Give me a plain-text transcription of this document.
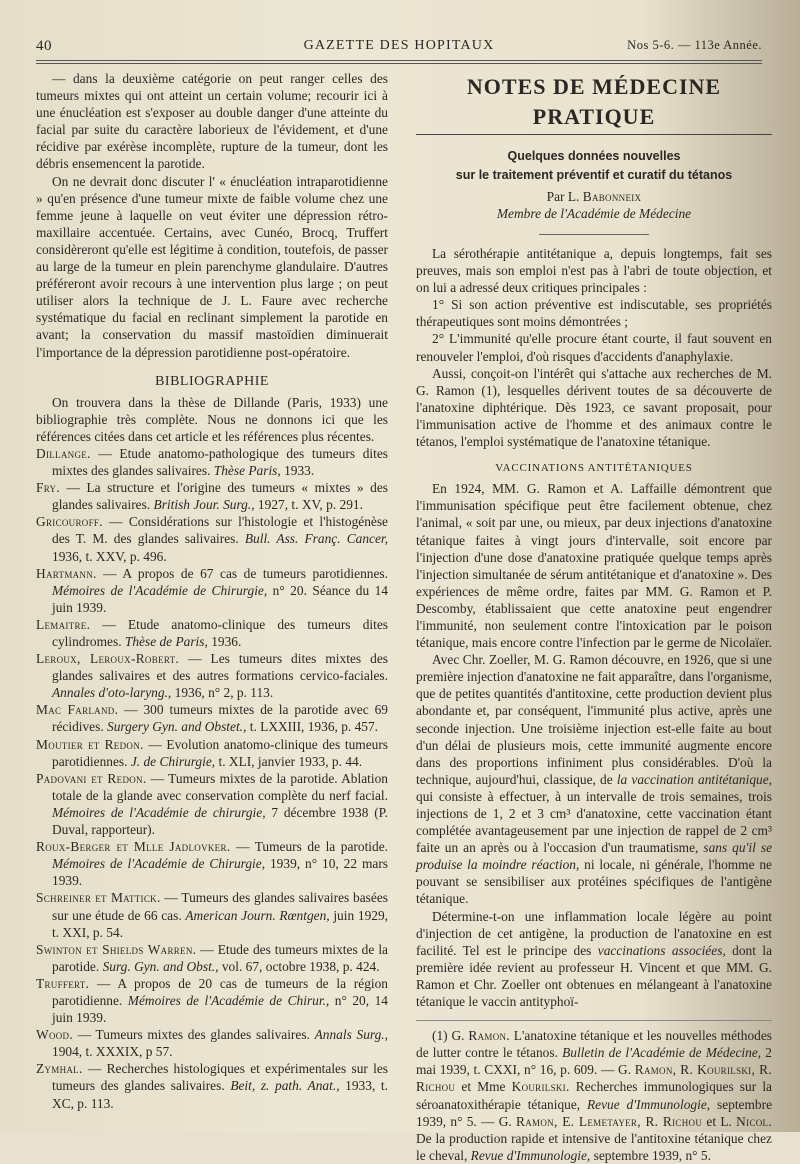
40	GAZETTE DES HOPITAUX	Nos 5-6. — 113e Année.

— dans la deuxième catégorie on peut ranger celles des tumeurs mixtes qui ont atteint un certain volume; recourir ici à une énucléation est s'exposer au double danger d'une atteinte du facial par suite du caractère laborieux de l'évidement, et d'une récidive par exérèse incomplète, rupture de la tumeur, dont les débris ensemencent la parotide.

On ne devrait donc discuter l' « énucléation intraparotidienne » qu'en présence d'une tumeur mixte de faible volume chez une femme jeune à laquelle on veut éviter une dépression rétro-maxillaire accentuée. Certains, avec Cunéo, Brocq, Truffert considèreront qu'elle est légitime à condition, toutefois, de passer au large de la tumeur en plein parenchyme glandulaire. D'autres préféreront avoir recours à une intervention plus large ; on peut utiliser alors la technique de J. L. Faure avec recherche systématique du facial en reclinant simplement la parotide en avant; la conservation du massif mastoïdien diminuerait l'importance de la dépression parotidienne post-opératoire.

BIBLIOGRAPHIE

On trouvera dans la thèse de Dillande (Paris, 1933) une bibliographie très complète. Nous ne donnons ici que les références citées dans cet article et les références plus récentes.

Dillange. — Etude anatomo-pathologique des tumeurs dites mixtes des glandes salivaires. Thèse Paris, 1933.

Fry. — La structure et l'origine des tumeurs « mixtes » des glandes salivaires. British Jour. Surg., 1927, t. XV, p. 291.

Gricouroff. — Considérations sur l'histologie et l'histogénèse des T. M. des glandes salivaires. Bull. Ass. Franç. Cancer, 1936, t. XXV, p. 496.

Hartmann. — A propos de 67 cas de tumeurs parotidiennes. Mémoires de l'Académie de Chirurgie, n° 20. Séance du 14 juin 1939.

Lemaitre. — Etude anatomo-clinique des tumeurs dites cylindromes. Thèse de Paris, 1936.

Leroux, Leroux-Robert. — Les tumeurs dites mixtes des glandes salivaires et des autres formations cervico-faciales. Annales d'oto-laryng., 1936, n° 2, p. 113.

Mac Farland. — 300 tumeurs mixtes de la parotide avec 69 récidives. Surgery Gyn. and Obstet., t. LXXIII, 1936, p. 457.

Moutier et Redon. — Evolution anatomo-clinique des tumeurs parotidiennes. J. de Chirurgie, t. XLI, janvier 1933, p. 44.

Padovani et Redon. — Tumeurs mixtes de la parotide. Ablation totale de la glande avec conservation complète du nerf facial. Mémoires de l'Académie de chirurgie, 7 décembre 1938 (P. Duval, rapporteur).

Roux-Berger et Mlle Jadlovker. — Tumeurs de la parotide. Mémoires de l'Académie de Chirurgie, 1939, n° 10, 22 mars 1939.

Schreiner et Mattick. — Tumeurs des glandes salivaires basées sur une étude de 66 cas. American Journ. Rœntgen, juin 1929, t. XXI, p. 54.

Swinton et Shields Warren. — Etude des tumeurs mixtes de la parotide. Surg. Gyn. and Obst., vol. 67, octobre 1938, p. 424.

Truffert. — A propos de 20 cas de tumeurs de la région parotidienne. Mémoires de l'Académie de Chirur., n° 20, 14 juin 1939.

Wood. — Tumeurs mixtes des glandes salivaires. Annals Surg., 1904, t. XXXIX, p 57.

Zymhal. — Recherches histologiques et expérimentales sur les tumeurs des glandes salivaires. Beit, z. path. Anat., 1933, t. XC, p. 113.

NOTES DE MÉDECINE PRATIQUE
Quelques données nouvelles
sur le traitement préventif et curatif du tétanos
Par L. Babonneix
Membre de l'Académie de Médecine

La sérothérapie antitétanique a, depuis longtemps, fait ses preuves, mais son emploi n'est pas à l'abri de toute objection, et on lui a adressé deux critiques principales :

1° Si son action préventive est indiscutable, ses propriétés thérapeutiques sont moins démontrées ;

2° L'immunité qu'elle procure étant courte, il faut souvent en renouveler l'emploi, d'où risques d'accidents d'anaphylaxie.

Aussi, conçoit-on l'intérêt qui s'attache aux recherches de M. G. Ramon (1), lesquelles dérivent toutes de sa découverte de l'anatoxine diphtérique. Dès 1923, ce savant proposait, pour l'immunisation active de l'homme et des animaux contre le tétanos, l'emploi systématique de l'anatoxine tétanique.

VACCINATIONS ANTITÉTANIQUES

En 1924, MM. G. Ramon et A. Laffaille démontrent que l'immunisation spécifique peut être facilement obtenue, chez l'animal, « soit par une, ou mieux, par deux injections d'anatoxine tétanique faites à vingt jours d'intervalle, soit encore par l'injection d'une dose d'anatoxine pratiquée quelque temps après l'injection simultanée de sérum antitétanique et d'anatoxine ». Des expériences de même ordre, faites par MM. G. Ramon et P. Descomby, établissaient que cette anatoxine peut engendrer l'immunité, non seulement contre l'intoxication par le poison tétanique, mais encore contre l'infection par le germe de Nicolaïer.

Avec Chr. Zoeller, M. G. Ramon découvre, en 1926, que si une première injection d'anatoxine ne fait apparaître, dans l'organisme, que de petites quantités d'antitoxine, cette production devient plus abondante et, par conséquent, l'immunité plus active, après une seconde injection. Une troisième injection est-elle faite au bout d'un délai de plusieurs mois, cette immunité augmente encore dans des proportions infiniment plus considérables. D'où la technique, aujourd'hui, classique, de la vaccination antitétanique, qui consiste à effectuer, à un intervalle de trois semaines, trois injections de 1, 2 et 3 cm³ d'anatoxine, cette vaccination étant complétée avantageusement par une injection de rappel de 2 cm³ faite un an après ou à l'occasion d'un traumatisme, sans qu'il se produise la moindre réaction, ni locale, ni générale, l'homme ne pouvant se sensibiliser aux protéines spécifiques de l'antigène tétanique.

Détermine-t-on une inflammation locale légère au point d'injection de cet antigène, la production de l'anatoxine en est facilité. Tel est le principe des vaccinations associées, dont la première idée revient au professeur H. Vincent et que MM. G. Ramon et Chr. Zoeller ont obtenues en mélangeant à l'anatoxine tétanique le vaccin antityphoï-

(1) G. Ramon. L'anatoxine tétanique et les nouvelles méthodes de lutter contre le tétanos. Bulletin de l'Académie de Médecine, 2 mai 1939, t. CXXI, n° 16, p. 609. — G. Ramon, R. Kourilski, R. Richou et Mme Kourilski. Recherches immunologiques sur la séroanatoxithérapie tétanique, Revue d'Immunologie, septembre 1939, n° 5. — G. Ramon, E. Lemetayer, R. Richou et L. Nicol. De la production rapide et intensive de l'antitoxine tétanique chez le cheval, Revue d'Immunologie, septembre 1939, n° 5.
